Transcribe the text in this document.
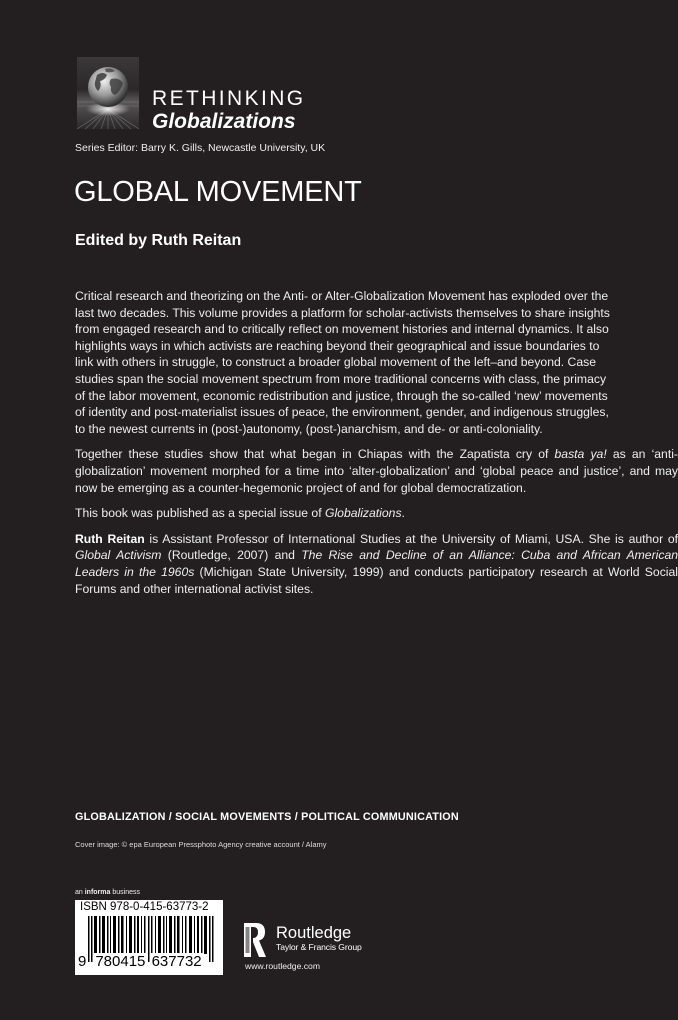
RETHINKING
Globalizations
Series Editor: Barry K. Gills, Newcastle University, UK
GLOBAL MOVEMENT
Edited by Ruth Reitan

Critical research and theorizing on the Anti- or Alter-Globalization Movement has exploded over the
last two decades. This volume provides a platform for scholar-activists themselves to share insights
from engaged research and to critically reflect on movement histories and internal dynamics. It also
highlights ways in which activists are reaching beyond their geographical and issue boundaries to
link with others in struggle, to construct a broader global movement of the left–and beyond. Case
studies span the social movement spectrum from more traditional concerns with class, the primacy
of the labor movement, economic redistribution and justice, through the so-called ‘new’ movements
of identity and post-materialist issues of peace, the environment, gender, and indigenous struggles,
to the newest currents in (post-)autonomy, (post-)anarchism, and de- or anti-coloniality.

Together these studies show that what began in Chiapas with the Zapatista cry of basta ya! as an ‘anti-globalization’ movement morphed for a time into ‘alter-globalization’ and ‘global peace and justice’, and may now be emerging as a counter-hegemonic project of and for global democratization.

This book was published as a special issue of Globalizations.

Ruth Reitan is Assistant Professor of International Studies at the University of Miami, USA. She is author of Global Activism (Routledge, 2007) and The Rise and Decline of an Alliance: Cuba and African American Leaders in the 1960s (Michigan State University, 1999) and conducts participatory research at World Social Forums and other international activist sites.

GLOBALIZATION / SOCIAL MOVEMENTS / POLITICAL COMMUNICATION
Cover image: © epa European Pressphoto Agency creative account / Alamy
an informa business
ISBN 978-0-415-63773-2
9 780415 637732
Routledge
Taylor & Francis Group
www.routledge.com
